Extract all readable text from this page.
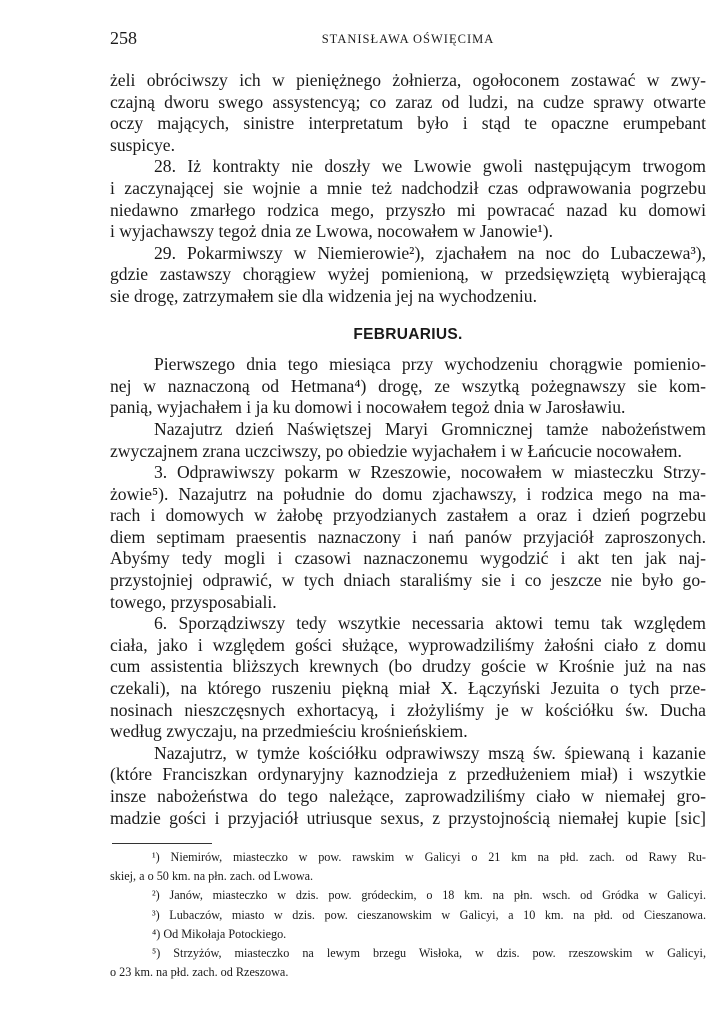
258	STANISŁAWA OŚWIĘCIMA
żeli obróciwszy ich w pieniężnego żołnierza, ogołoconem zostawać w zwy-
czajną dworu swego assystencyą; co zaraz od ludzi, na cudze sprawy otwarte
oczy mających, sinistre interpretatum było i stąd te opaczne erumpebant
suspicye.
28. Iż kontrakty nie doszły we Lwowie gwoli następującym trwogom
i zaczynającej sie wojnie a mnie też nadchodził czas odprawowania pogrzebu
niedawno zmarłego rodzica mego, przyszło mi powracać nazad ku domowi
i wyjachawszy tegoż dnia ze Lwowa, nocowałem w Janowie¹).
29. Pokarmiwszy w Niemierowie²), zjachałem na noc do Lubaczewa³),
gdzie zastawszy chorągiew wyżej pomienioną, w przedsięwziętą wybierającą
sie drogę, zatrzymałem sie dla widzenia jej na wychodzeniu.
FEBRUARIUS.
Pierwszego dnia tego miesiąca przy wychodzeniu chorągwie pomienio-
nej w naznaczoną od Hetmana⁴) drogę, ze wszytką pożegnawszy sie kom-
panią, wyjachałem i ja ku domowi i nocowałem tegoż dnia w Jarosławiu.
Nazajutrz dzień Naświętszej Maryi Gromnicznej tamże nabożeństwem
zwyczajnem zrana uczciwszy, po obiedzie wyjachałem i w Łańcucie nocowałem.
3. Odprawiwszy pokarm w Rzeszowie, nocowałem w miasteczku Strzy-
żowie⁵). Nazajutrz na południe do domu zjachawszy, i rodzica mego na ma-
rach i domowych w żałobę przyodzianych zastałem a oraz i dzień pogrzebu
diem septimam praesentis naznaczony i nań panów przyjaciół zaproszonych.
Abyśmy tedy mogli i czasowi naznaczonemu wygodzić i akt ten jak naj-
przystojniej odprawić, w tych dniach staraliśmy sie i co jeszcze nie było go-
towego, przysposabiali.
6. Sporządziwszy tedy wszytkie necessaria aktowi temu tak względem
ciała, jako i względem gości służące, wyprowadziliśmy żałośni ciało z domu
cum assistentia bliższych krewnych (bo drudzy goście w Krośnie już na nas
czekali), na którego ruszeniu piękną miał X. Łączyński Jezuita o tych prze-
nosinach nieszczęsnych exhortacyą, i złożyliśmy je w kościółku św. Ducha
według zwyczaju, na przedmieściu krośnieńskiem.
Nazajutrz, w tymże kościółku odprawiwszy mszą św. śpiewaną i kazanie
(które Franciszkan ordynaryjny kaznodzieja z przedłużeniem miał) i wszytkie
insze nabożeństwa do tego należące, zaprowadziliśmy ciało w niemałej gro-
madzie gości i przyjaciół utriusque sexus, z przystojnością niemałej kupie [sic]
¹) Niemirów, miasteczko w pow. rawskim w Galicyi o 21 km na płd. zach. od Rawy Ru-
skiej, a o 50 km. na płn. zach. od Lwowa.
²) Janów, miasteczko w dzis. pow. gródeckim, o 18 km. na płn. wsch. od Gródka w Galicyi.
³) Lubaczów, miasto w dzis. pow. cieszanowskim w Galicyi, a 10 km. na płd. od Cieszanowa.
⁴) Od Mikołaja Potockiego.
⁵) Strzyżów, miasteczko na lewym brzegu Wisłoka, w dzis. pow. rzeszowskim w Galicyi,
o 23 km. na płd. zach. od Rzeszowa.
